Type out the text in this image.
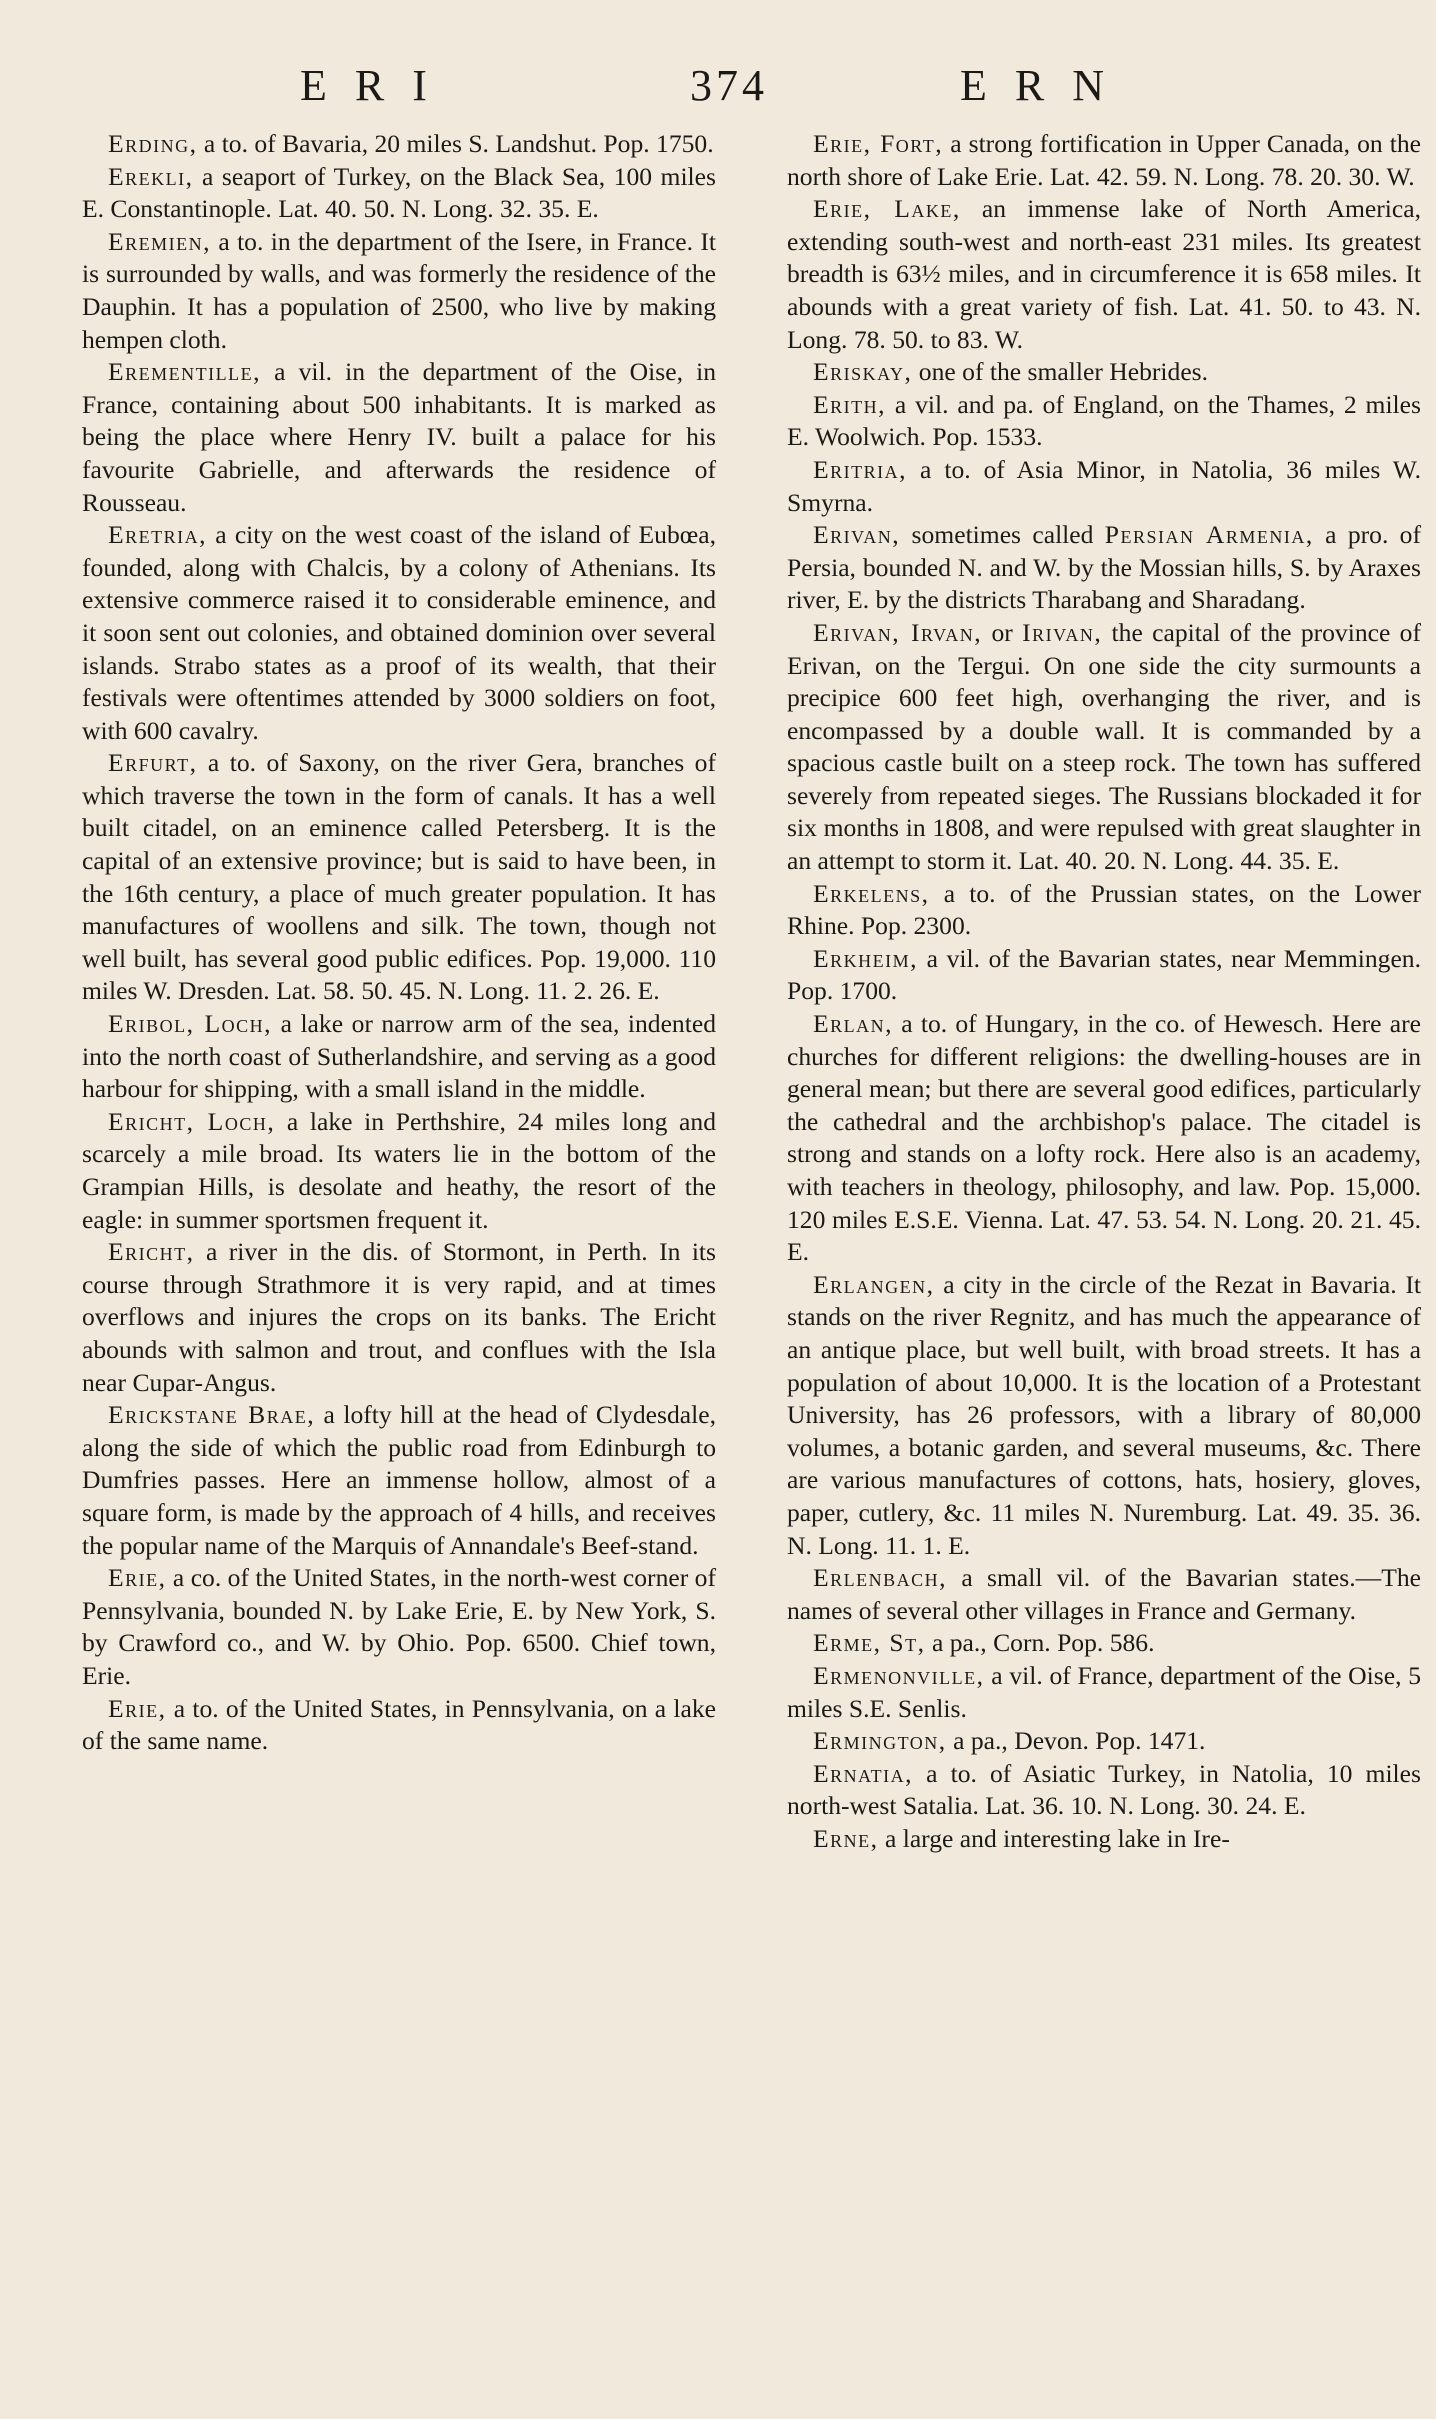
ERI	374	ERN

Erding, a to. of Bavaria, 20 miles S. Landshut. Pop. 1750.

Erekli, a seaport of Turkey, on the Black Sea, 100 miles E. Constantinople. Lat. 40. 50. N. Long. 32. 35. E.

Eremien, a to. in the department of the Isere, in France. It is surrounded by walls, and was formerly the residence of the Dauphin. It has a population of 2500, who live by making hempen cloth.

Erementille, a vil. in the department of the Oise, in France, containing about 500 inhabitants. It is marked as being the place where Henry IV. built a palace for his favourite Gabrielle, and afterwards the residence of Rousseau.

Eretria, a city on the west coast of the island of Eubœa, founded, along with Chalcis, by a colony of Athenians. Its extensive commerce raised it to considerable eminence, and it soon sent out colonies, and obtained dominion over several islands. Strabo states as a proof of its wealth, that their festivals were oftentimes attended by 3000 soldiers on foot, with 600 cavalry.

Erfurt, a to. of Saxony, on the river Gera, branches of which traverse the town in the form of canals. It has a well built citadel, on an eminence called Petersberg. It is the capital of an extensive province; but is said to have been, in the 16th century, a place of much greater population. It has manufactures of woollens and silk. The town, though not well built, has several good public edifices. Pop. 19,000. 110 miles W. Dresden. Lat. 58. 50. 45. N. Long. 11. 2. 26. E.

Eribol, Loch, a lake or narrow arm of the sea, indented into the north coast of Sutherlandshire, and serving as a good harbour for shipping, with a small island in the middle.

Ericht, Loch, a lake in Perthshire, 24 miles long and scarcely a mile broad. Its waters lie in the bottom of the Grampian Hills, is desolate and heathy, the resort of the eagle: in summer sportsmen frequent it.

Ericht, a river in the dis. of Stormont, in Perth. In its course through Strathmore it is very rapid, and at times overflows and injures the crops on its banks. The Ericht abounds with salmon and trout, and conflues with the Isla near Cupar-Angus.

Erickstane Brae, a lofty hill at the head of Clydesdale, along the side of which the public road from Edinburgh to Dumfries passes. Here an immense hollow, almost of a square form, is made by the approach of 4 hills, and receives the popular name of the Marquis of Annandale's Beef-stand.

Erie, a co. of the United States, in the north-west corner of Pennsylvania, bounded N. by Lake Erie, E. by New York, S. by Crawford co., and W. by Ohio. Pop. 6500. Chief town, Erie.

Erie, a to. of the United States, in Pennsylvania, on a lake of the same name.

Erie, Fort, a strong fortification in Upper Canada, on the north shore of Lake Erie. Lat. 42. 59. N. Long. 78. 20. 30. W.

Erie, Lake, an immense lake of North America, extending south-west and north-east 231 miles. Its greatest breadth is 63½ miles, and in circumference it is 658 miles. It abounds with a great variety of fish. Lat. 41. 50. to 43. N. Long. 78. 50. to 83. W.

Eriskay, one of the smaller Hebrides.

Erith, a vil. and pa. of England, on the Thames, 2 miles E. Woolwich. Pop. 1533.

Eritria, a to. of Asia Minor, in Natolia, 36 miles W. Smyrna.

Erivan, sometimes called Persian Armenia, a pro. of Persia, bounded N. and W. by the Mossian hills, S. by Araxes river, E. by the districts Tharabang and Sharadang.

Erivan, Irvan, or Irivan, the capital of the province of Erivan, on the Tergui. On one side the city surmounts a precipice 600 feet high, overhanging the river, and is encompassed by a double wall. It is commanded by a spacious castle built on a steep rock. The town has suffered severely from repeated sieges. The Russians blockaded it for six months in 1808, and were repulsed with great slaughter in an attempt to storm it. Lat. 40. 20. N. Long. 44. 35. E.

Erkelens, a to. of the Prussian states, on the Lower Rhine. Pop. 2300.

Erkheim, a vil. of the Bavarian states, near Memmingen. Pop. 1700.

Erlan, a to. of Hungary, in the co. of Hewesch. Here are churches for different religions: the dwelling-houses are in general mean; but there are several good edifices, particularly the cathedral and the archbishop's palace. The citadel is strong and stands on a lofty rock. Here also is an academy, with teachers in theology, philosophy, and law. Pop. 15,000. 120 miles E.S.E. Vienna. Lat. 47. 53. 54. N. Long. 20. 21. 45. E.

Erlangen, a city in the circle of the Rezat in Bavaria. It stands on the river Regnitz, and has much the appearance of an antique place, but well built, with broad streets. It has a population of about 10,000. It is the location of a Protestant University, has 26 professors, with a library of 80,000 volumes, a botanic garden, and several museums, &c. There are various manufactures of cottons, hats, hosiery, gloves, paper, cutlery, &c. 11 miles N. Nuremburg. Lat. 49. 35. 36. N. Long. 11. 1. E.

Erlenbach, a small vil. of the Bavarian states.—The names of several other villages in France and Germany.

Erme, St, a pa., Corn. Pop. 586.

Ermenonville, a vil. of France, department of the Oise, 5 miles S.E. Senlis.

Ermington, a pa., Devon. Pop. 1471.

Ernatia, a to. of Asiatic Turkey, in Natolia, 10 miles north-west Satalia. Lat. 36. 10. N. Long. 30. 24. E.

Erne, a large and interesting lake in Ire-
